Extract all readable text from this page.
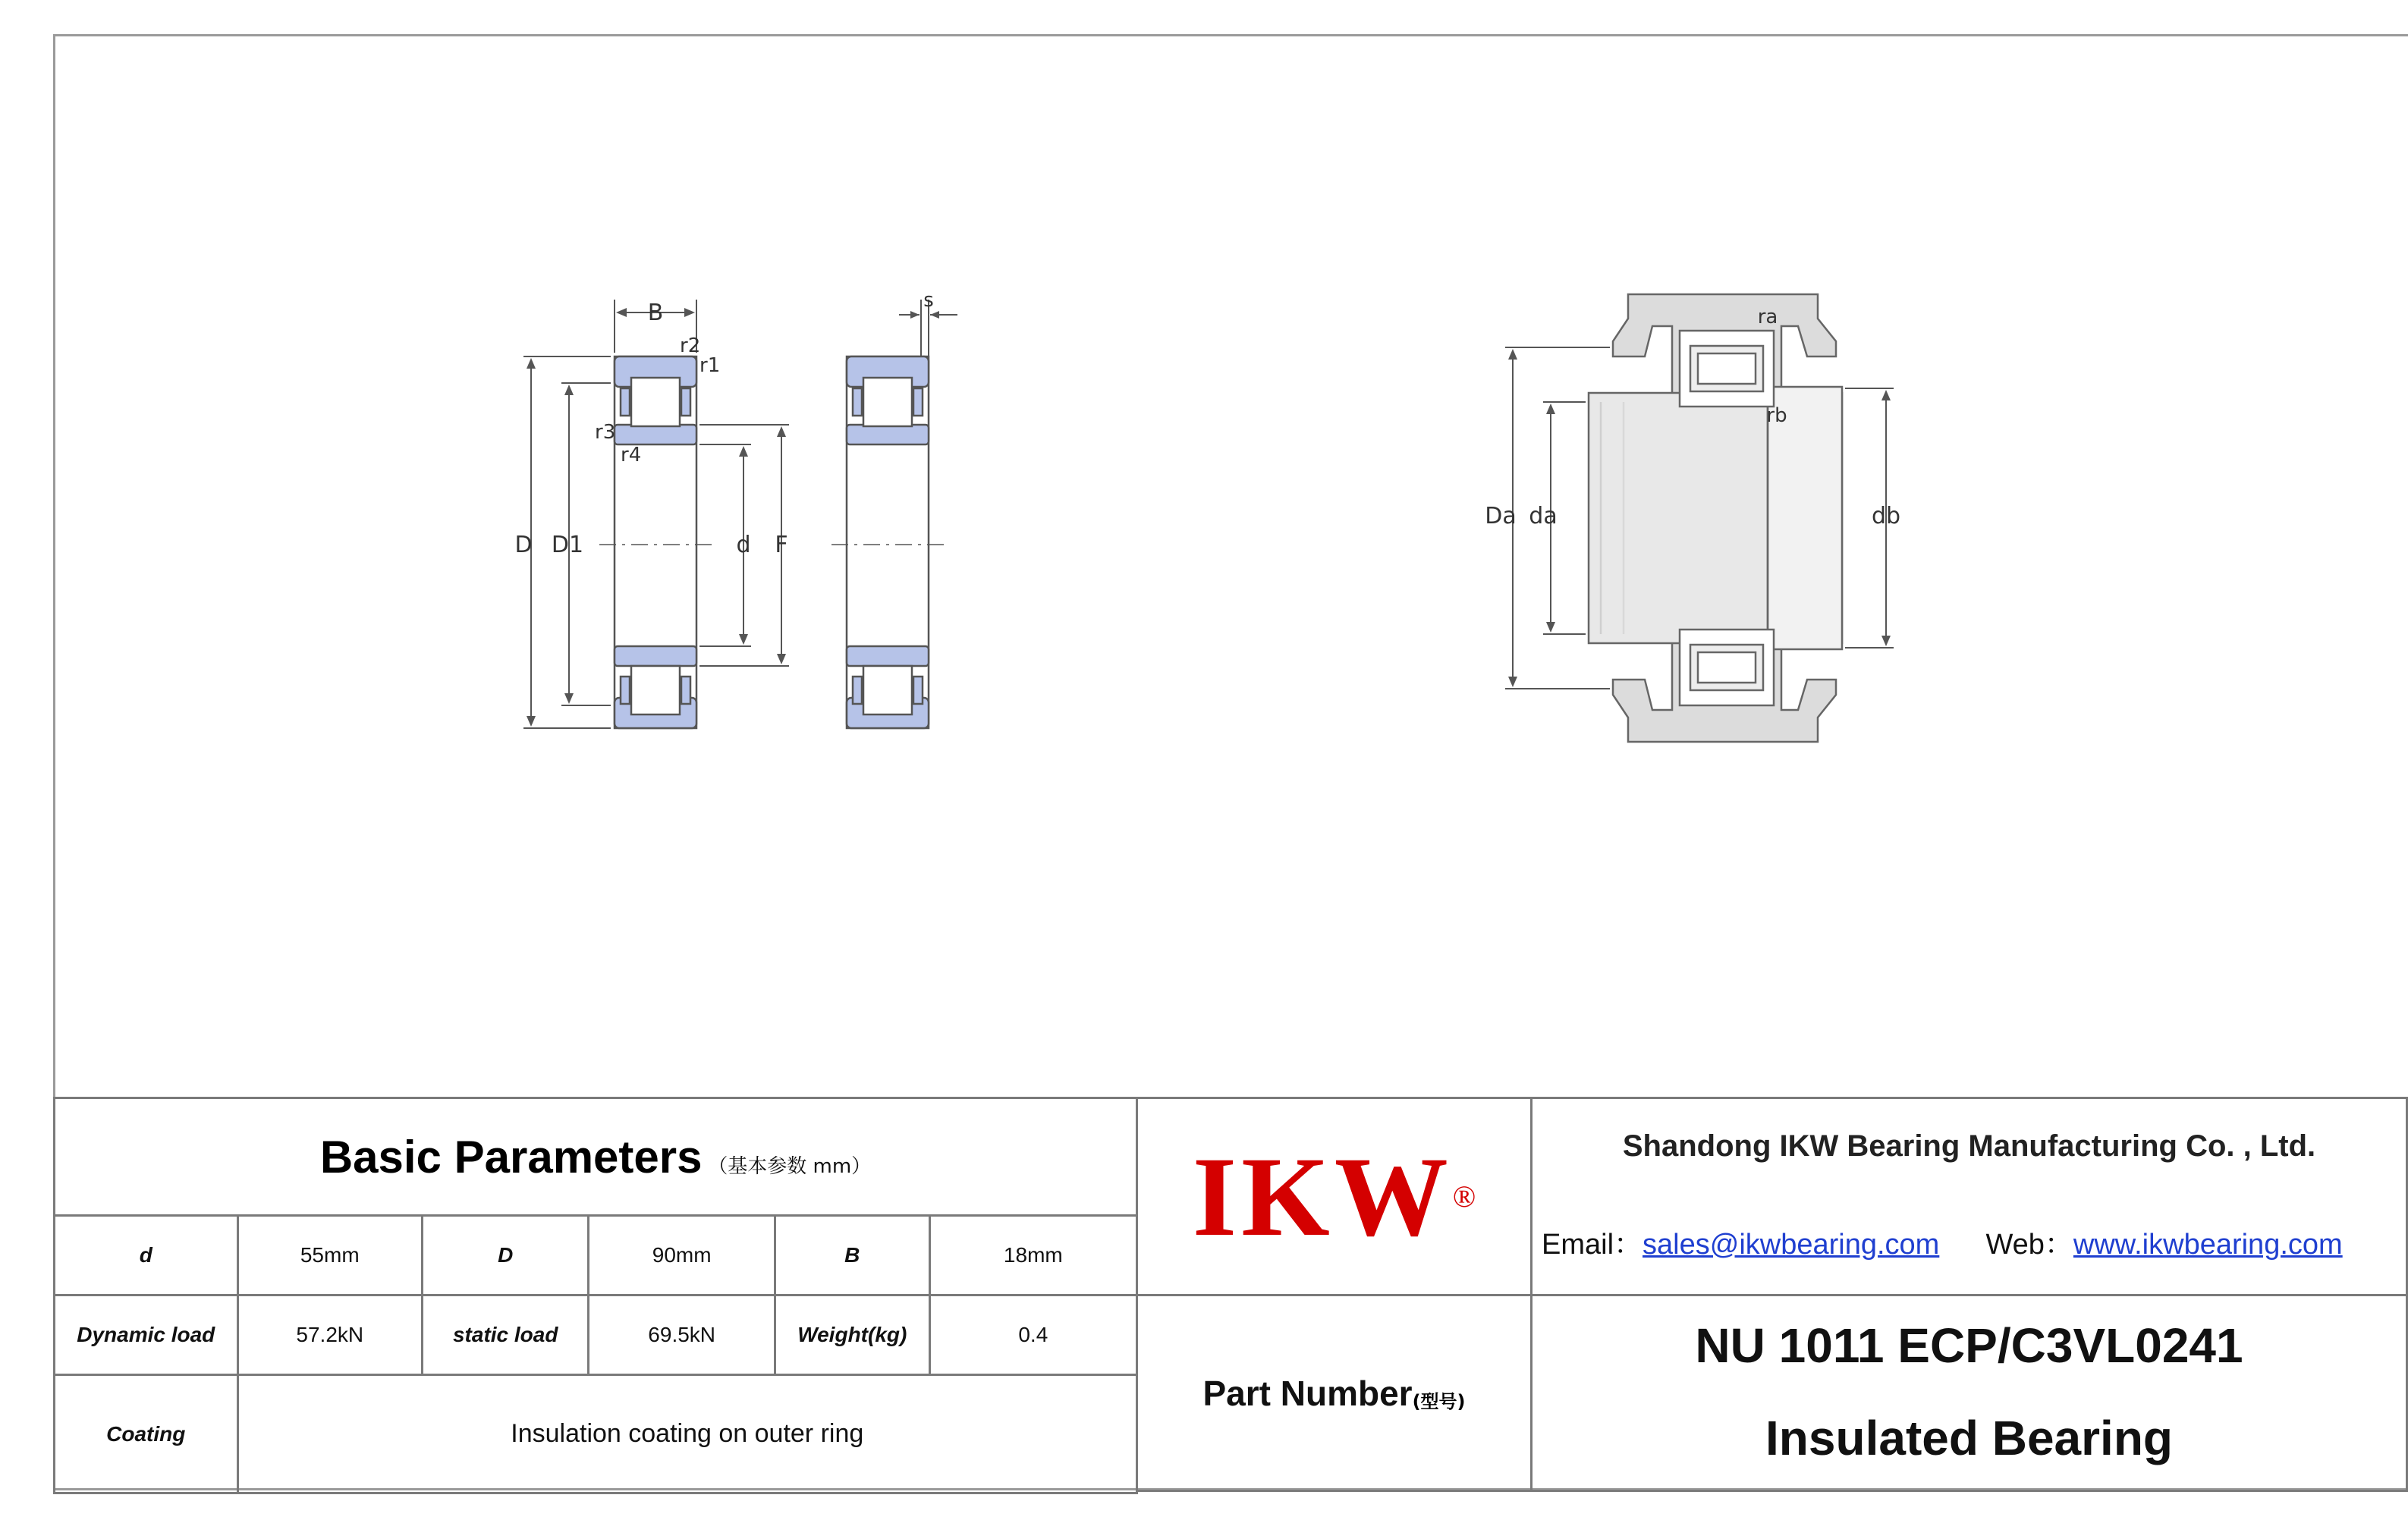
B
r2
r1
r3
r4
D D1	d F
s
Da da	db
ra
rb
Basic Parameters （基本参数 mm）					
d	55mm	D	90mm	B	18mm
Dynamic load	57.2kN	static load	69.5kN	Weight(kg)	0.4
Coating	Insulation coating on outer ring				
IKW ®
Shandong IKW Bearing Manufacturing Co. , Ltd.
Email：sales@ikwbearing.com Web：www.ikwbearing.com
Part Number (型号)
NU 1011 ECP/C3VL0241
Insulated Bearing
